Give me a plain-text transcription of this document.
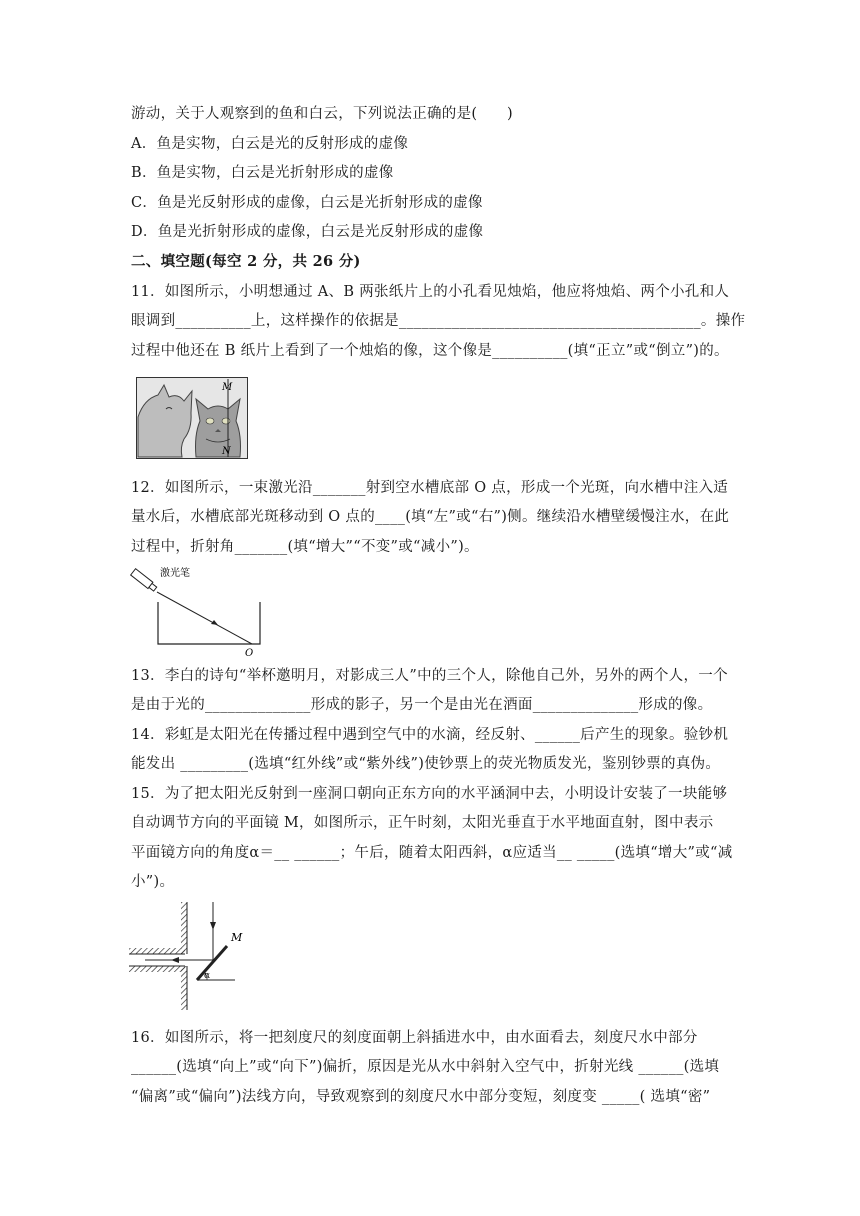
游动，关于人观察到的鱼和白云，下列说法正确的是(　　)
A．鱼是实物，白云是光的反射形成的虚像
B．鱼是实物，白云是光折射形成的虚像
C．鱼是光反射形成的虚像，白云是光折射形成的虚像
D．鱼是光折射形成的虚像，白云是光反射形成的虚像
二、填空题(每空 2 分，共 26 分)
11．如图所示，小明想通过 A、B 两张纸片上的小孔看见烛焰，他应将烛焰、两个小孔和人
眼调到__________上，这样操作的依据是________________________________________。操作
过程中他还在 B 纸片上看到了一个烛焰的像，这个像是__________(填“正立”或“倒立”)的。
M
N
12．如图所示，一束激光沿_______射到空水槽底部 O 点，形成一个光斑，向水槽中注入适
量水后，水槽底部光斑移动到 O 点的____(填“左”或“右”)侧。继续沿水槽壁缓慢注水，在此
过程中，折射角_______(填“增大”“不变”或“减小”)。
激光笔
O
13．李白的诗句“举杯邀明月，对影成三人”中的三个人，除他自己外，另外的两个人，一个
是由于光的______________形成的影子，另一个是由光在酒面______________形成的像。
14．彩虹是太阳光在传播过程中遇到空气中的水滴，经反射、______后产生的现象。验钞机
能发出 _________(选填“红外线”或“紫外线”)使钞票上的荧光物质发光，鉴别钞票的真伪。
15．为了把太阳光反射到一座洞口朝向正东方向的水平涵洞中去，小明设计安装了一块能够
自动调节方向的平面镜 M，如图所示，正午时刻，太阳光垂直于水平地面直射，图中表示
平面镜方向的角度α＝__ ______；午后，随着太阳西斜，α应适当__ _____(选填“增大”或“减
小”)。
M
α
16．如图所示，将一把刻度尺的刻度面朝上斜插进水中，由水面看去，刻度尺水中部分
______(选填“向上”或“向下”)偏折，原因是光从水中斜射入空气中，折射光线 ______(选填
“偏离”或“偏向”)法线方向，导致观察到的刻度尺水中部分变短，刻度变 _____( 选填“密”
